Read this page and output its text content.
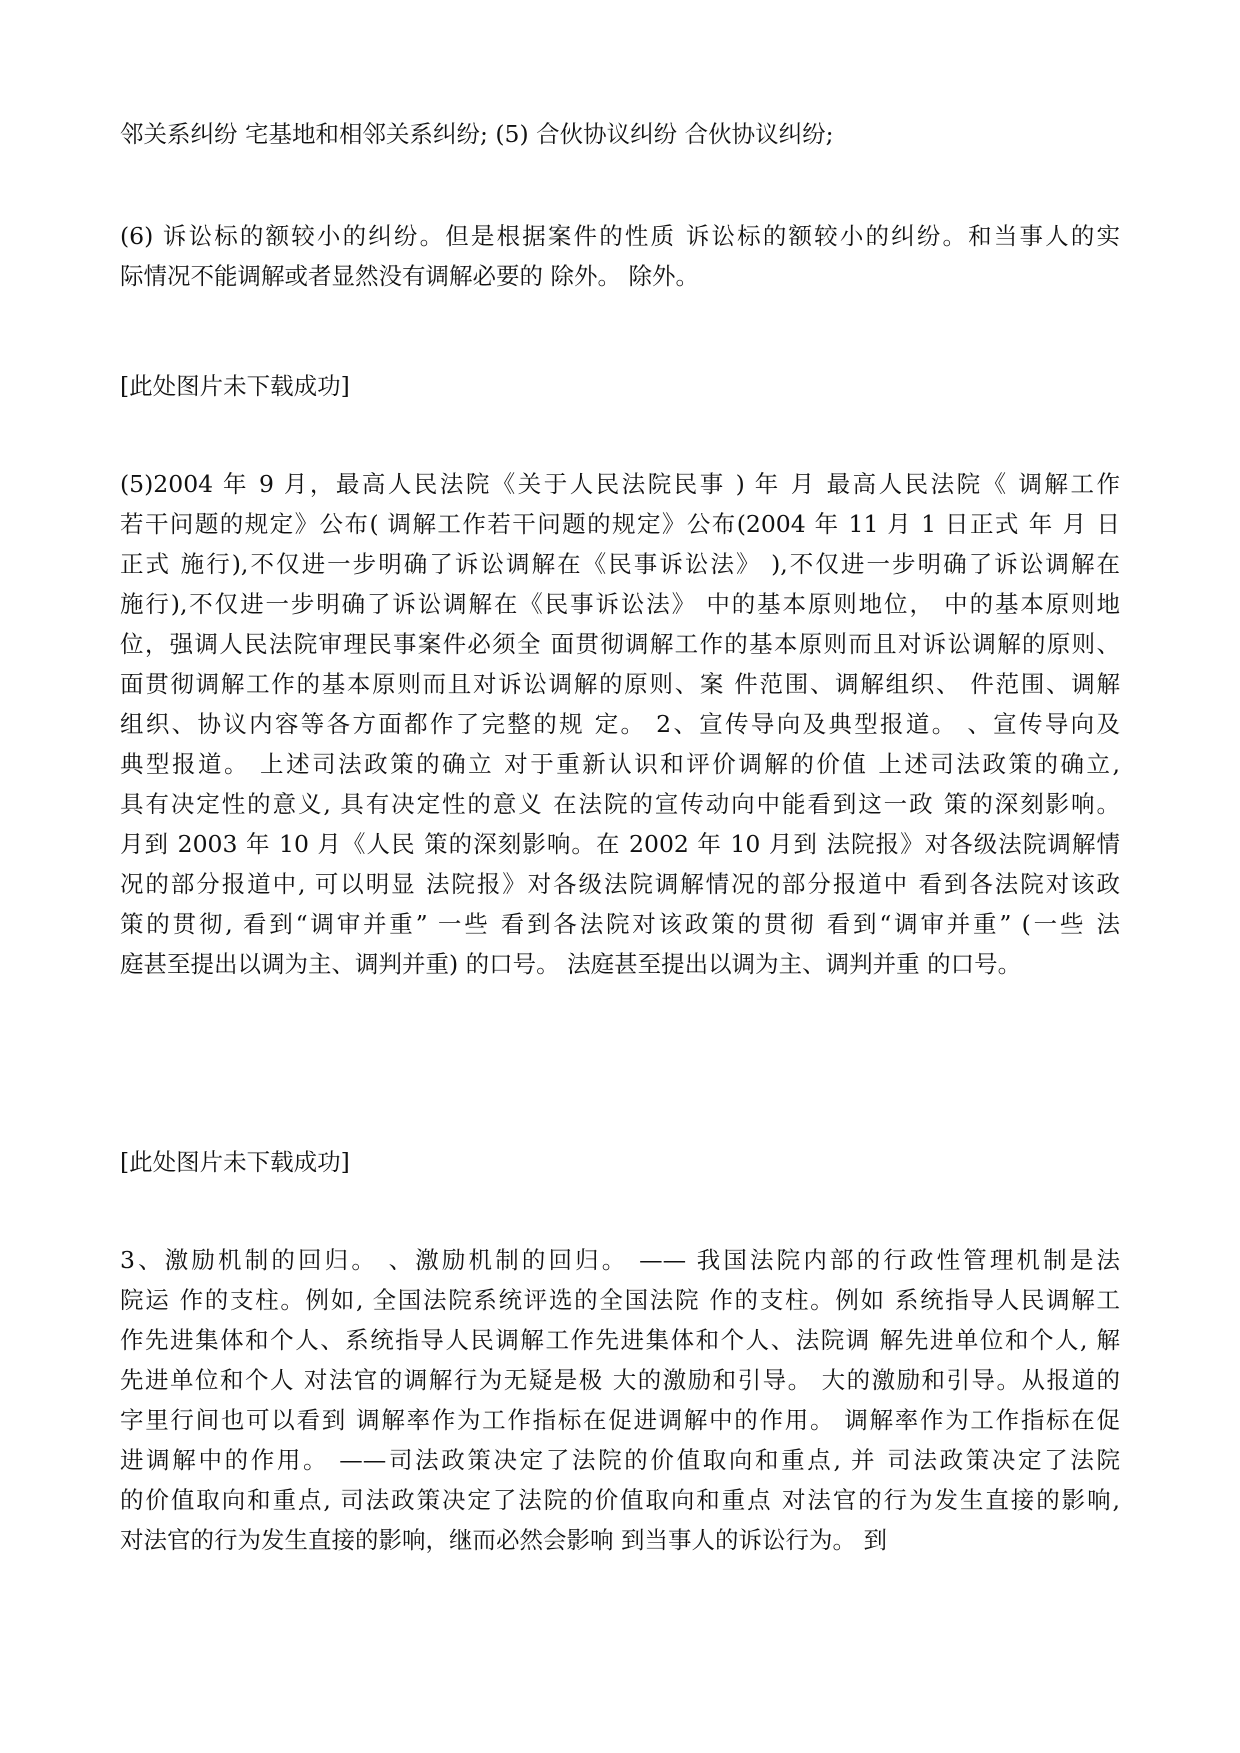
邻关系纠纷 宅基地和相邻关系纠纷; (5) 合伙协议纠纷 合伙协议纠纷;
(6) 诉讼标的额较小的纠纷。但是根据案件的性质 诉讼标的额较小的纠纷。和当事人的实
际情况不能调解或者显然没有调解必要的 除外。 除外。
[此处图片未下载成功]
(5)2004 年 9 月，最高人民法院《关于人民法院民事 ) 年 月 最高人民法院《 调解工作
若干问题的规定》公布( 调解工作若干问题的规定》公布(2004 年 11 月 1 日正式 年 月 日
正式 施行),不仅进一步明确了诉讼调解在《民事诉讼法》 ),不仅进一步明确了诉讼调解在
施行),不仅进一步明确了诉讼调解在《民事诉讼法》 中的基本原则地位， 中的基本原则地
位，强调人民法院审理民事案件必须全 面贯彻调解工作的基本原则而且对诉讼调解的原则、
面贯彻调解工作的基本原则而且对诉讼调解的原则、案 件范围、调解组织、 件范围、调解
组织、协议内容等各方面都作了完整的规 定。 2、宣传导向及典型报道。 、宣传导向及
典型报道。 上述司法政策的确立 对于重新认识和评价调解的价值 上述司法政策的确立,
具有决定性的意义, 具有决定性的意义 在法院的宣传动向中能看到这一政 策的深刻影响。
月到 2003 年 10 月《人民 策的深刻影响。在 2002 年 10 月到 法院报》对各级法院调解情
况的部分报道中, 可以明显 法院报》对各级法院调解情况的部分报道中 看到各法院对该政
策的贯彻, 看到“调审并重” 一些 看到各法院对该政策的贯彻 看到“调审并重” (一些 法
庭甚至提出以调为主、调判并重) 的口号。 法庭甚至提出以调为主、调判并重 的口号。
[此处图片未下载成功]
3、激励机制的回归。 、激励机制的回归。 —— 我国法院内部的行政性管理机制是法
院运 作的支柱。例如, 全国法院系统评选的全国法院 作的支柱。例如 系统指导人民调解工
作先进集体和个人、系统指导人民调解工作先进集体和个人、法院调 解先进单位和个人, 解
先进单位和个人 对法官的调解行为无疑是极 大的激励和引导。 大的激励和引导。从报道的
字里行间也可以看到 调解率作为工作指标在促进调解中的作用。 调解率作为工作指标在促
进调解中的作用。 ——司法政策决定了法院的价值取向和重点, 并 司法政策决定了法院
的价值取向和重点, 司法政策决定了法院的价值取向和重点 对法官的行为发生直接的影响,
对法官的行为发生直接的影响，继而必然会影响 到当事人的诉讼行为。 到
